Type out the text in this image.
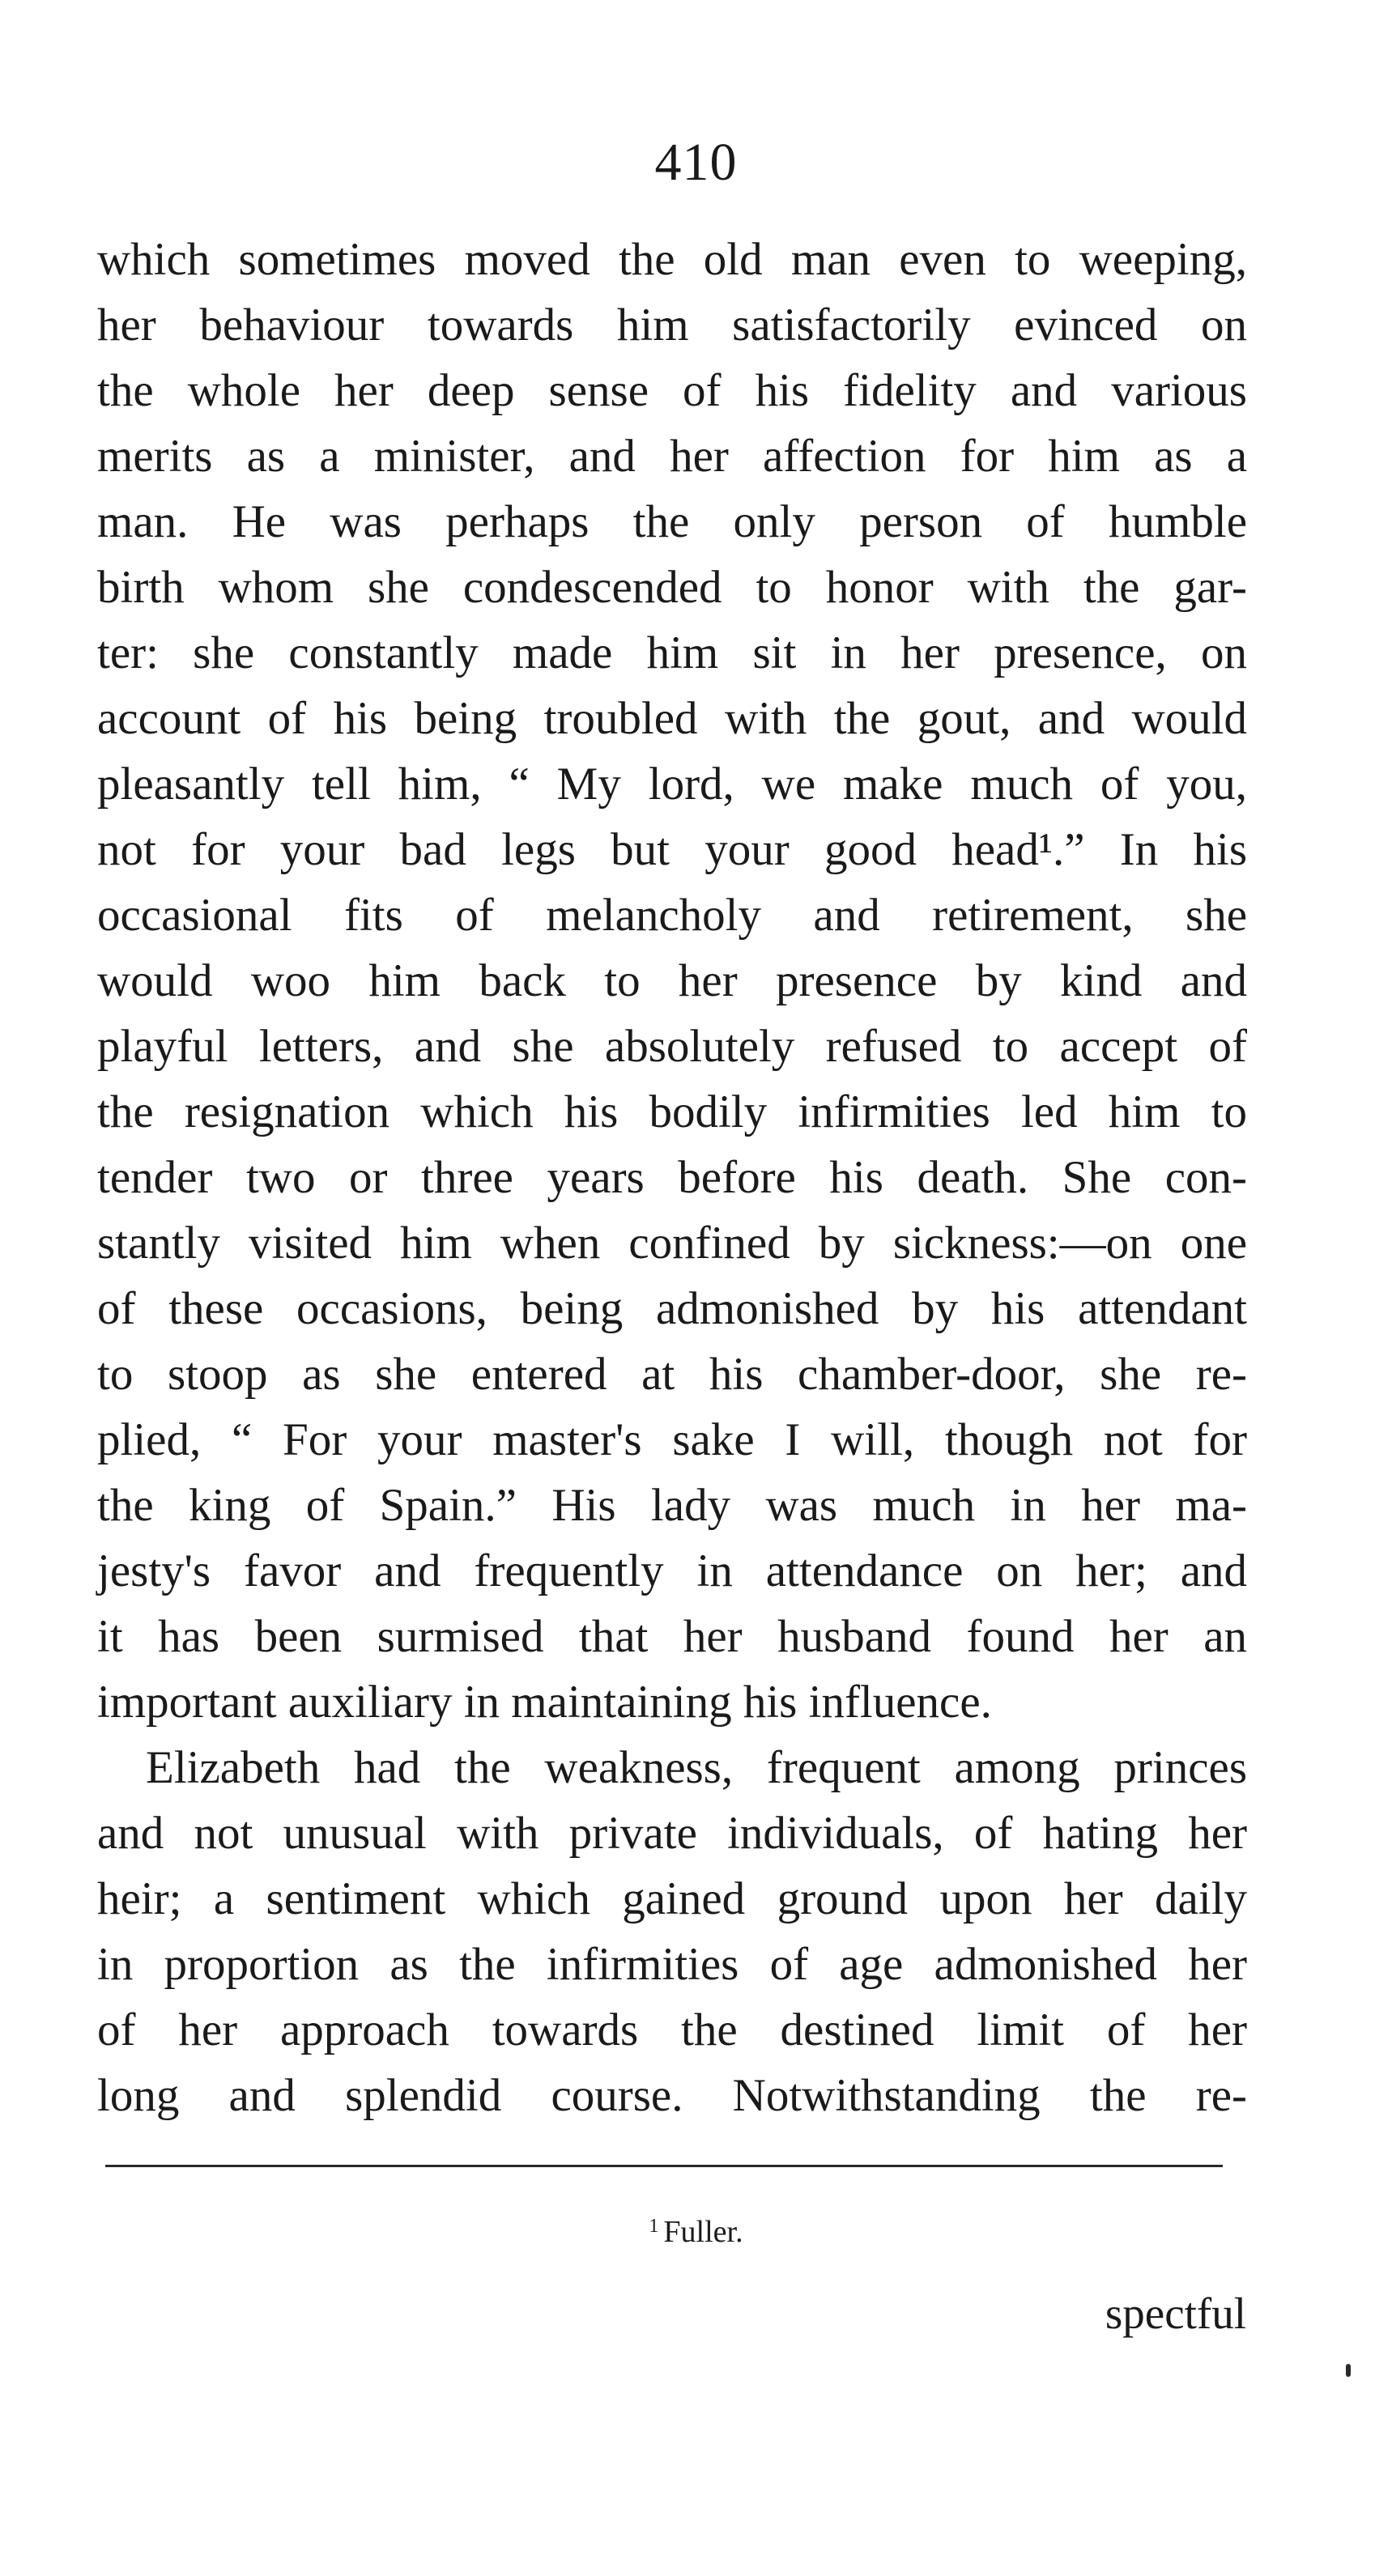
410
which sometimes moved the old man even to weeping,
her behaviour towards him satisfactorily evinced on
the whole her deep sense of his fidelity and various
merits as a minister, and her affection for him as a
man. He was perhaps the only person of humble
birth whom she condescended to honor with the gar-
ter: she constantly made him sit in her presence, on
account of his being troubled with the gout, and would
pleasantly tell him, “ My lord, we make much of you,
not for your bad legs but your good head¹.” In his
occasional fits of melancholy and retirement, she
would woo him back to her presence by kind and
playful letters, and she absolutely refused to accept of
the resignation which his bodily infirmities led him to
tender two or three years before his death. She con-
stantly visited him when confined by sickness:—on one
of these occasions, being admonished by his attendant
to stoop as she entered at his chamber-door, she re-
plied, “ For your master's sake I will, though not for
the king of Spain.” His lady was much in her ma-
jesty's favor and frequently in attendance on her; and
it has been surmised that her husband found her an
important auxiliary in maintaining his influence.
Elizabeth had the weakness, frequent among princes
and not unusual with private individuals, of hating her
heir; a sentiment which gained ground upon her daily
in proportion as the infirmities of age admonished her
of her approach towards the destined limit of her
long and splendid course. Notwithstanding the re-
$^1$ Fuller.
spectful
